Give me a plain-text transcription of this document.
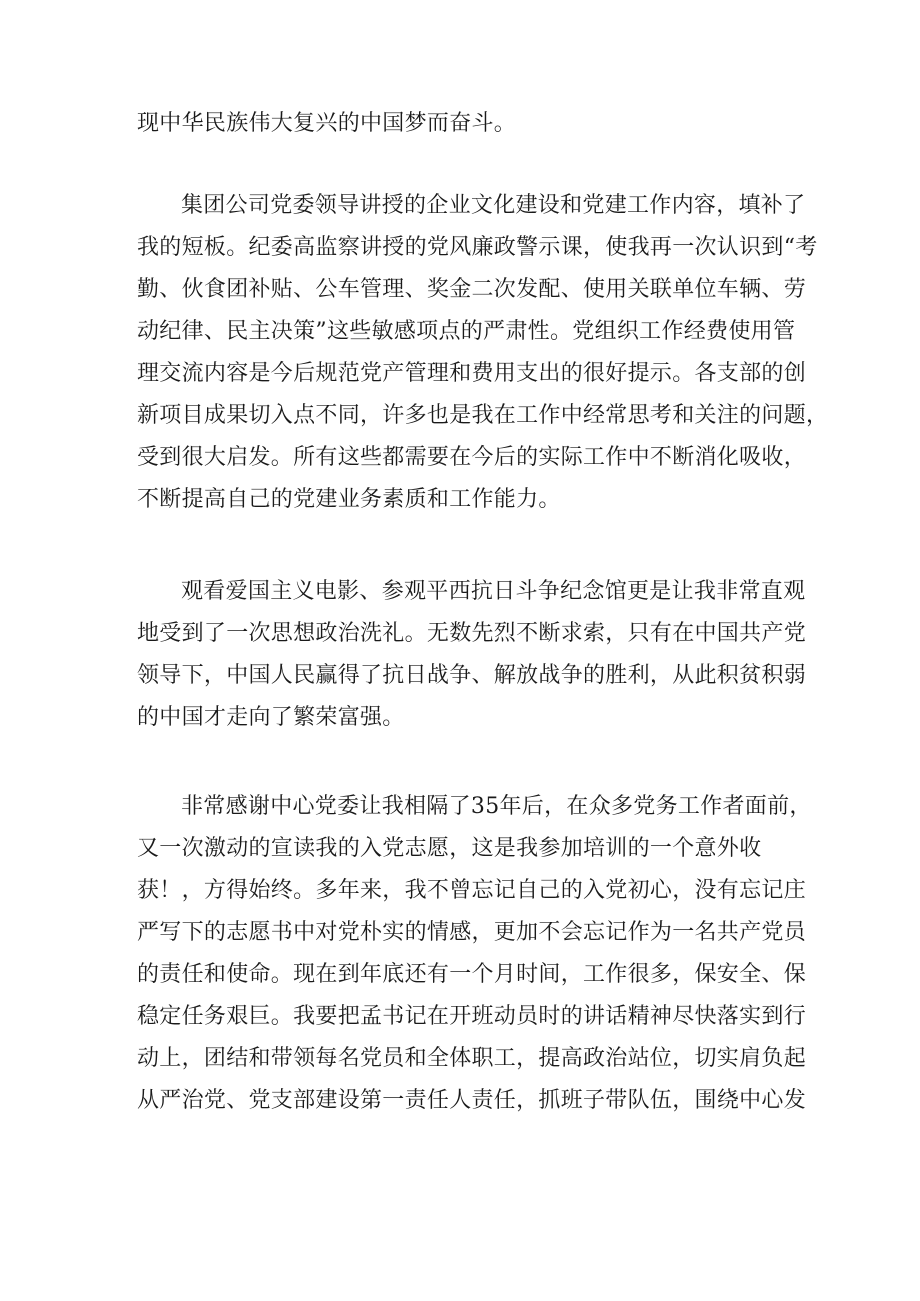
现中华民族伟大复兴的中国梦而奋斗。

集团公司党委领导讲授的企业文化建设和党建工作内容，填补了

我的短板。纪委高监察讲授的党风廉政警示课，使我再一次认识到“考

勤、伙食团补贴、公车管理、奖金二次发配、使用关联单位车辆、劳

动纪律、民主决策”这些敏感项点的严肃性。党组织工作经费使用管

理交流内容是今后规范党产管理和费用支出的很好提示。各支部的创

新项目成果切入点不同，许多也是我在工作中经常思考和关注的问题，

受到很大启发。所有这些都需要在今后的实际工作中不断消化吸收，

不断提高自己的党建业务素质和工作能力。

观看爱国主义电影、参观平西抗日斗争纪念馆更是让我非常直观

地受到了一次思想政治洗礼。无数先烈不断求索，只有在中国共产党

领导下，中国人民赢得了抗日战争、解放战争的胜利，从此积贫积弱

的中国才走向了繁荣富强。

非常感谢中心党委让我相隔了35年后，在众多党务工作者面前，

又一次激动的宣读我的入党志愿，这是我参加培训的一个意外收

获！，方得始终。多年来，我不曾忘记自己的入党初心，没有忘记庄

严写下的志愿书中对党朴实的情感，更加不会忘记作为一名共产党员

的责任和使命。现在到年底还有一个月时间，工作很多，保安全、保

稳定任务艰巨。我要把孟书记在开班动员时的讲话精神尽快落实到行

动上，团结和带领每名党员和全体职工，提高政治站位，切实肩负起

从严治党、党支部建设第一责任人责任，抓班子带队伍，围绕中心发
